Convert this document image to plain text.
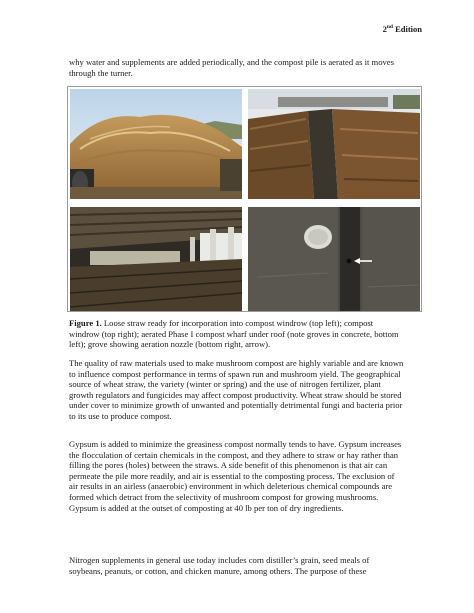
2nd Edition

why water and supplements are added periodically, and the compost pile is aerated as it moves through the turner.

Figure 1. Loose straw ready for incorporation into compost windrow (top left); compost windrow (top right); aerated Phase I compost wharf under roof (note groves in concrete, bottom left); grove showing aeration nozzle (bottom right, arrow).

The quality of raw materials used to make mushroom compost are highly variable and are known to influence compost performance in terms of spawn run and mushroom yield. The geographical source of wheat straw, the variety (winter or spring) and the use of nitrogen fertilizer, plant growth regulators and fungicides may affect compost productivity. Wheat straw should be stored under cover to minimize growth of unwanted and potentially detrimental fungi and bacteria prior to its use to produce compost.

Gypsum is added to minimize the greasiness compost normally tends to have. Gypsum increases the flocculation of certain chemicals in the compost, and they adhere to straw or hay rather than filling the pores (holes) between the straws. A side benefit of this phenomenon is that air can permeate the pile more readily, and air is essential to the composting process. The exclusion of air results in an airless (anaerobic) environment in which deleterious chemical compounds are formed which detract from the selectivity of mushroom compost for growing mushrooms. Gypsum is added at the outset of composting at 40 lb per ton of dry ingredients.

Nitrogen supplements in general use today includes corn distiller’s grain, seed meals of soybeans, peanuts, or cotton, and chicken manure, among others. The purpose of these
